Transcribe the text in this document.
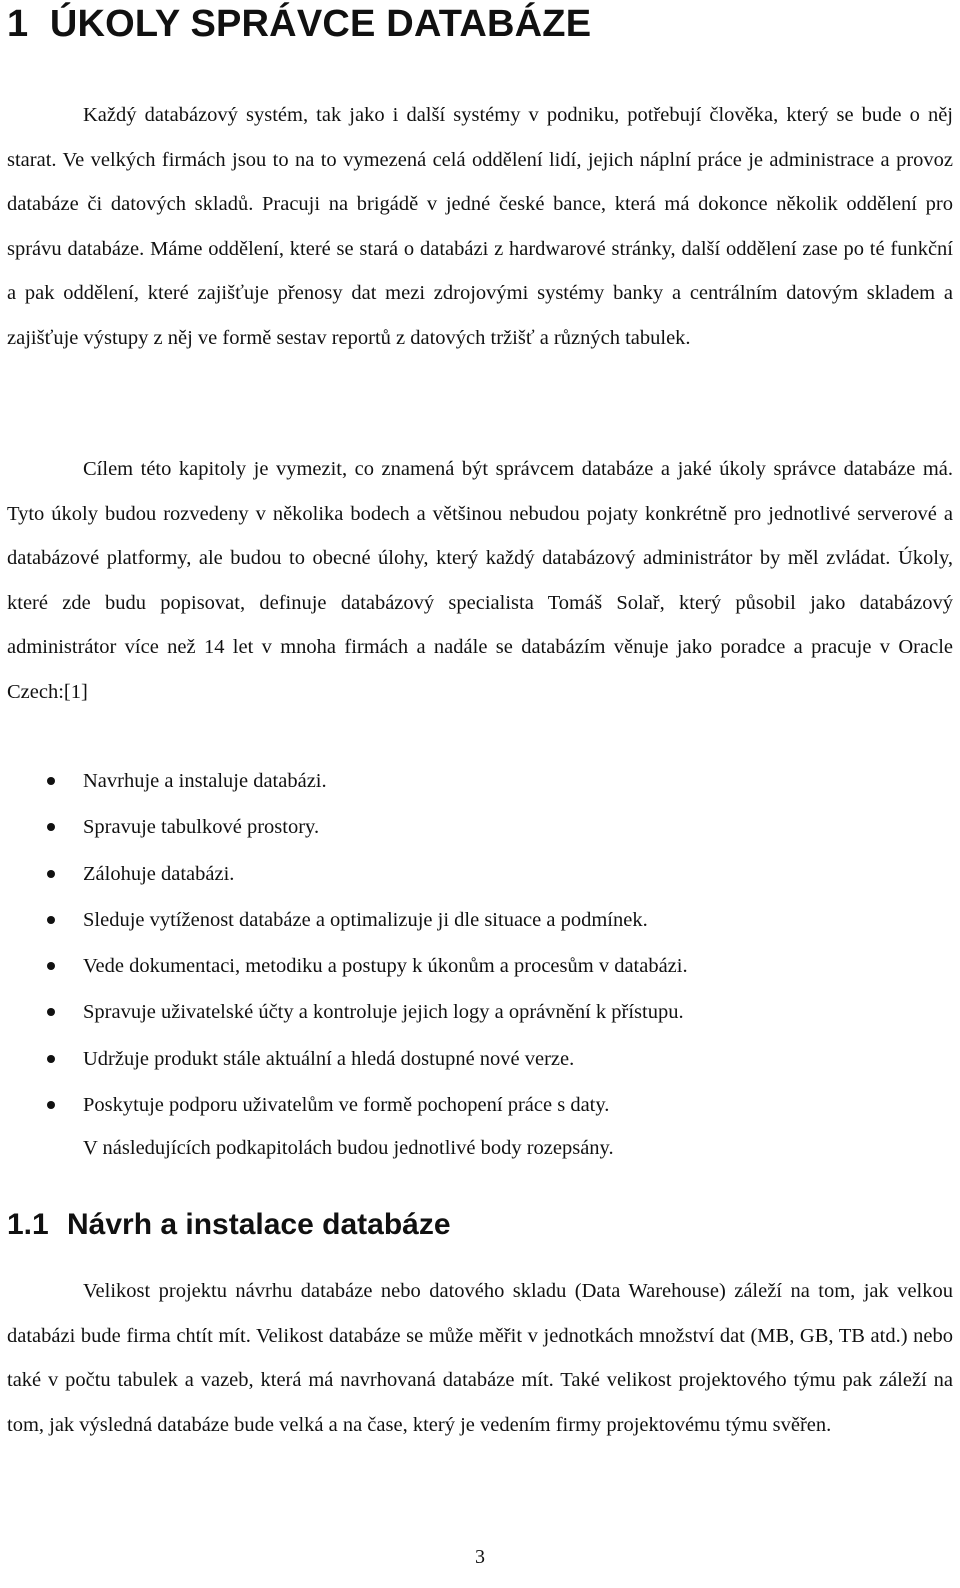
1 ÚKOLY SPRÁVCE DATABÁZE

Každý databázový systém, tak jako i další systémy v podniku, potřebují člověka, který se bude o něj starat. Ve velkých firmách jsou to na to vymezená celá oddělení lidí, jejich náplní práce je administrace a provoz databáze či datových skladů. Pracuji na brigádě v jedné české bance, která má dokonce několik oddělení pro správu databáze. Máme oddělení, které se stará o databázi z hardwarové stránky, další oddělení zase po té funkční a pak oddělení, které zajišťuje přenosy dat mezi zdrojovými systémy banky a centrálním datovým skladem a zajišťuje výstupy z něj ve formě sestav reportů z datových tržišť a různých tabulek.

Cílem této kapitoly je vymezit, co znamená být správcem databáze a jaké úkoly správce databáze má. Tyto úkoly budou rozvedeny v několika bodech a většinou nebudou pojaty konkrétně pro jednotlivé serverové a databázové platformy, ale budou to obecné úlohy, který každý databázový administrátor by měl zvládat. Úkoly, které zde budu popisovat, definuje databázový specialista Tomáš Solař, který působil jako databázový administrátor více než 14 let v mnoha firmách a nadále se databázím věnuje jako poradce a pracuje v Oracle Czech:[1]

Navrhuje a instaluje databázi.
Spravuje tabulkové prostory.
Zálohuje databázi.
Sleduje vytíženost databáze a optimalizuje ji dle situace a podmínek.
Vede dokumentaci, metodiku a postupy k úkonům a procesům v databázi.
Spravuje uživatelské účty a kontroluje jejich logy a oprávnění k přístupu.
Udržuje produkt stále aktuální a hledá dostupné nové verze.
Poskytuje podporu uživatelům ve formě pochopení práce s daty.

V následujících podkapitolách budou jednotlivé body rozepsány.

1.1 Návrh a instalace databáze

Velikost projektu návrhu databáze nebo datového skladu (Data Warehouse) záleží na tom, jak velkou databázi bude firma chtít mít. Velikost databáze se může měřit v jednotkách množství dat (MB, GB, TB atd.) nebo také v počtu tabulek a vazeb, která má navrhovaná databáze mít. Také velikost projektového týmu pak záleží na tom, jak výsledná databáze bude velká a na čase, který je vedením firmy projektovému týmu svěřen.

3
